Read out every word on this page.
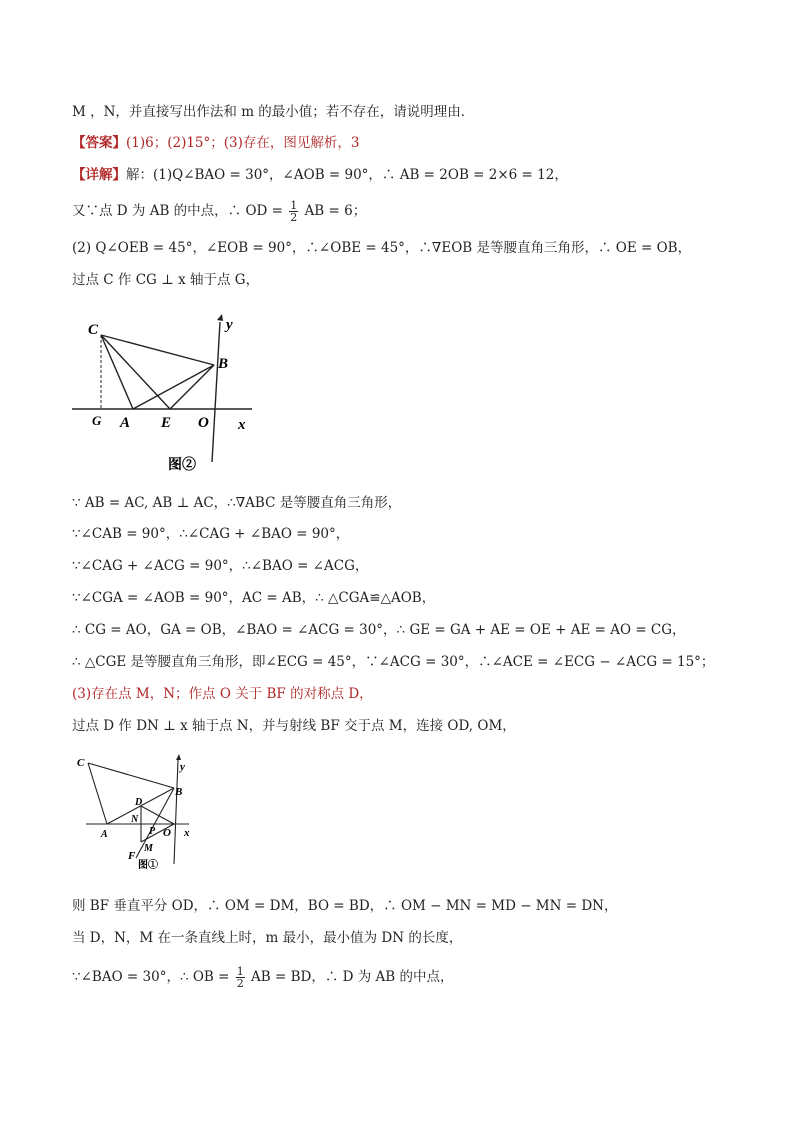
M ，N，并直接写出作法和 m 的最小值；若不存在，请说明理由．
【答案】(1)6；(2)15°；(3)存在，图见解析，3
【详解】解：(1)Q∠BAO = 30°，∠AOB = 90°，∴ AB = 2OB = 2×6 = 12，
又∵点 D 为 AB 的中点，∴ OD = $\frac{1}{2}$ AB = 6；
(2) Q∠OEB = 45°，∠EOB = 90°，∴∠OBE = 45°，∴∇EOB 是等腰直角三角形，∴ OE = OB，
过点 C 作 CG ⊥ x 轴于点 G，
C	y
B
G A E O x
图②
∵ AB = AC, AB ⊥ AC，∴∇ABC 是等腰直角三角形，
∵∠CAB = 90°，∴∠CAG + ∠BAO = 90°，
∵∠CAG + ∠ACG = 90°，∴∠BAO = ∠ACG，
∵∠CGA = ∠AOB = 90°，AC = AB，∴ △CGA≌△AOB，
∴ CG = AO，GA = OB，∠BAO = ∠ACG = 30°，∴ GE = GA + AE = OE + AE = AO = CG，
∴ △CGE 是等腰直角三角形，即∠ECG = 45°，∵∠ACG = 30°，∴∠ACE = ∠ECG − ∠ACG = 15°；
(3)存在点 M，N；作点 O 关于 BF 的对称点 D，
过点 D 作 DN ⊥ x 轴于点 N，并与射线 BF 交于点 M，连接 OD, OM，
C	y
B
D
N
P
A	O x
F
M
图①
则 BF 垂直平分 OD，∴ OM = DM，BO = BD，∴ OM − MN = MD − MN = DN，
当 D，N，M 在一条直线上时，m 最小，最小值为 DN 的长度，
∵∠BAO = 30°，∴ OB = $\frac{1}{2}$ AB = BD，∴ D 为 AB 的中点，
